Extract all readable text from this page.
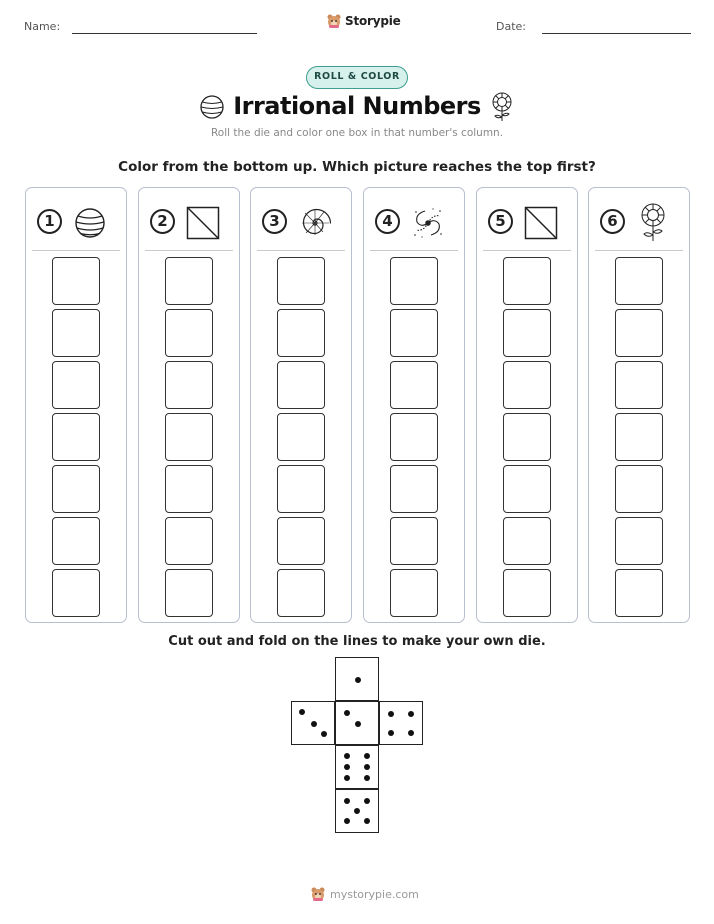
Name:	Storypie	Date:
ROLL & COLOR
Irrational Numbers
Roll the die and color one box in that number's column.
Color from the bottom up. Which picture reaches the top first?
1	2	3	4	5	6
Cut out and fold on the lines to make your own die.
mystorypie.com
